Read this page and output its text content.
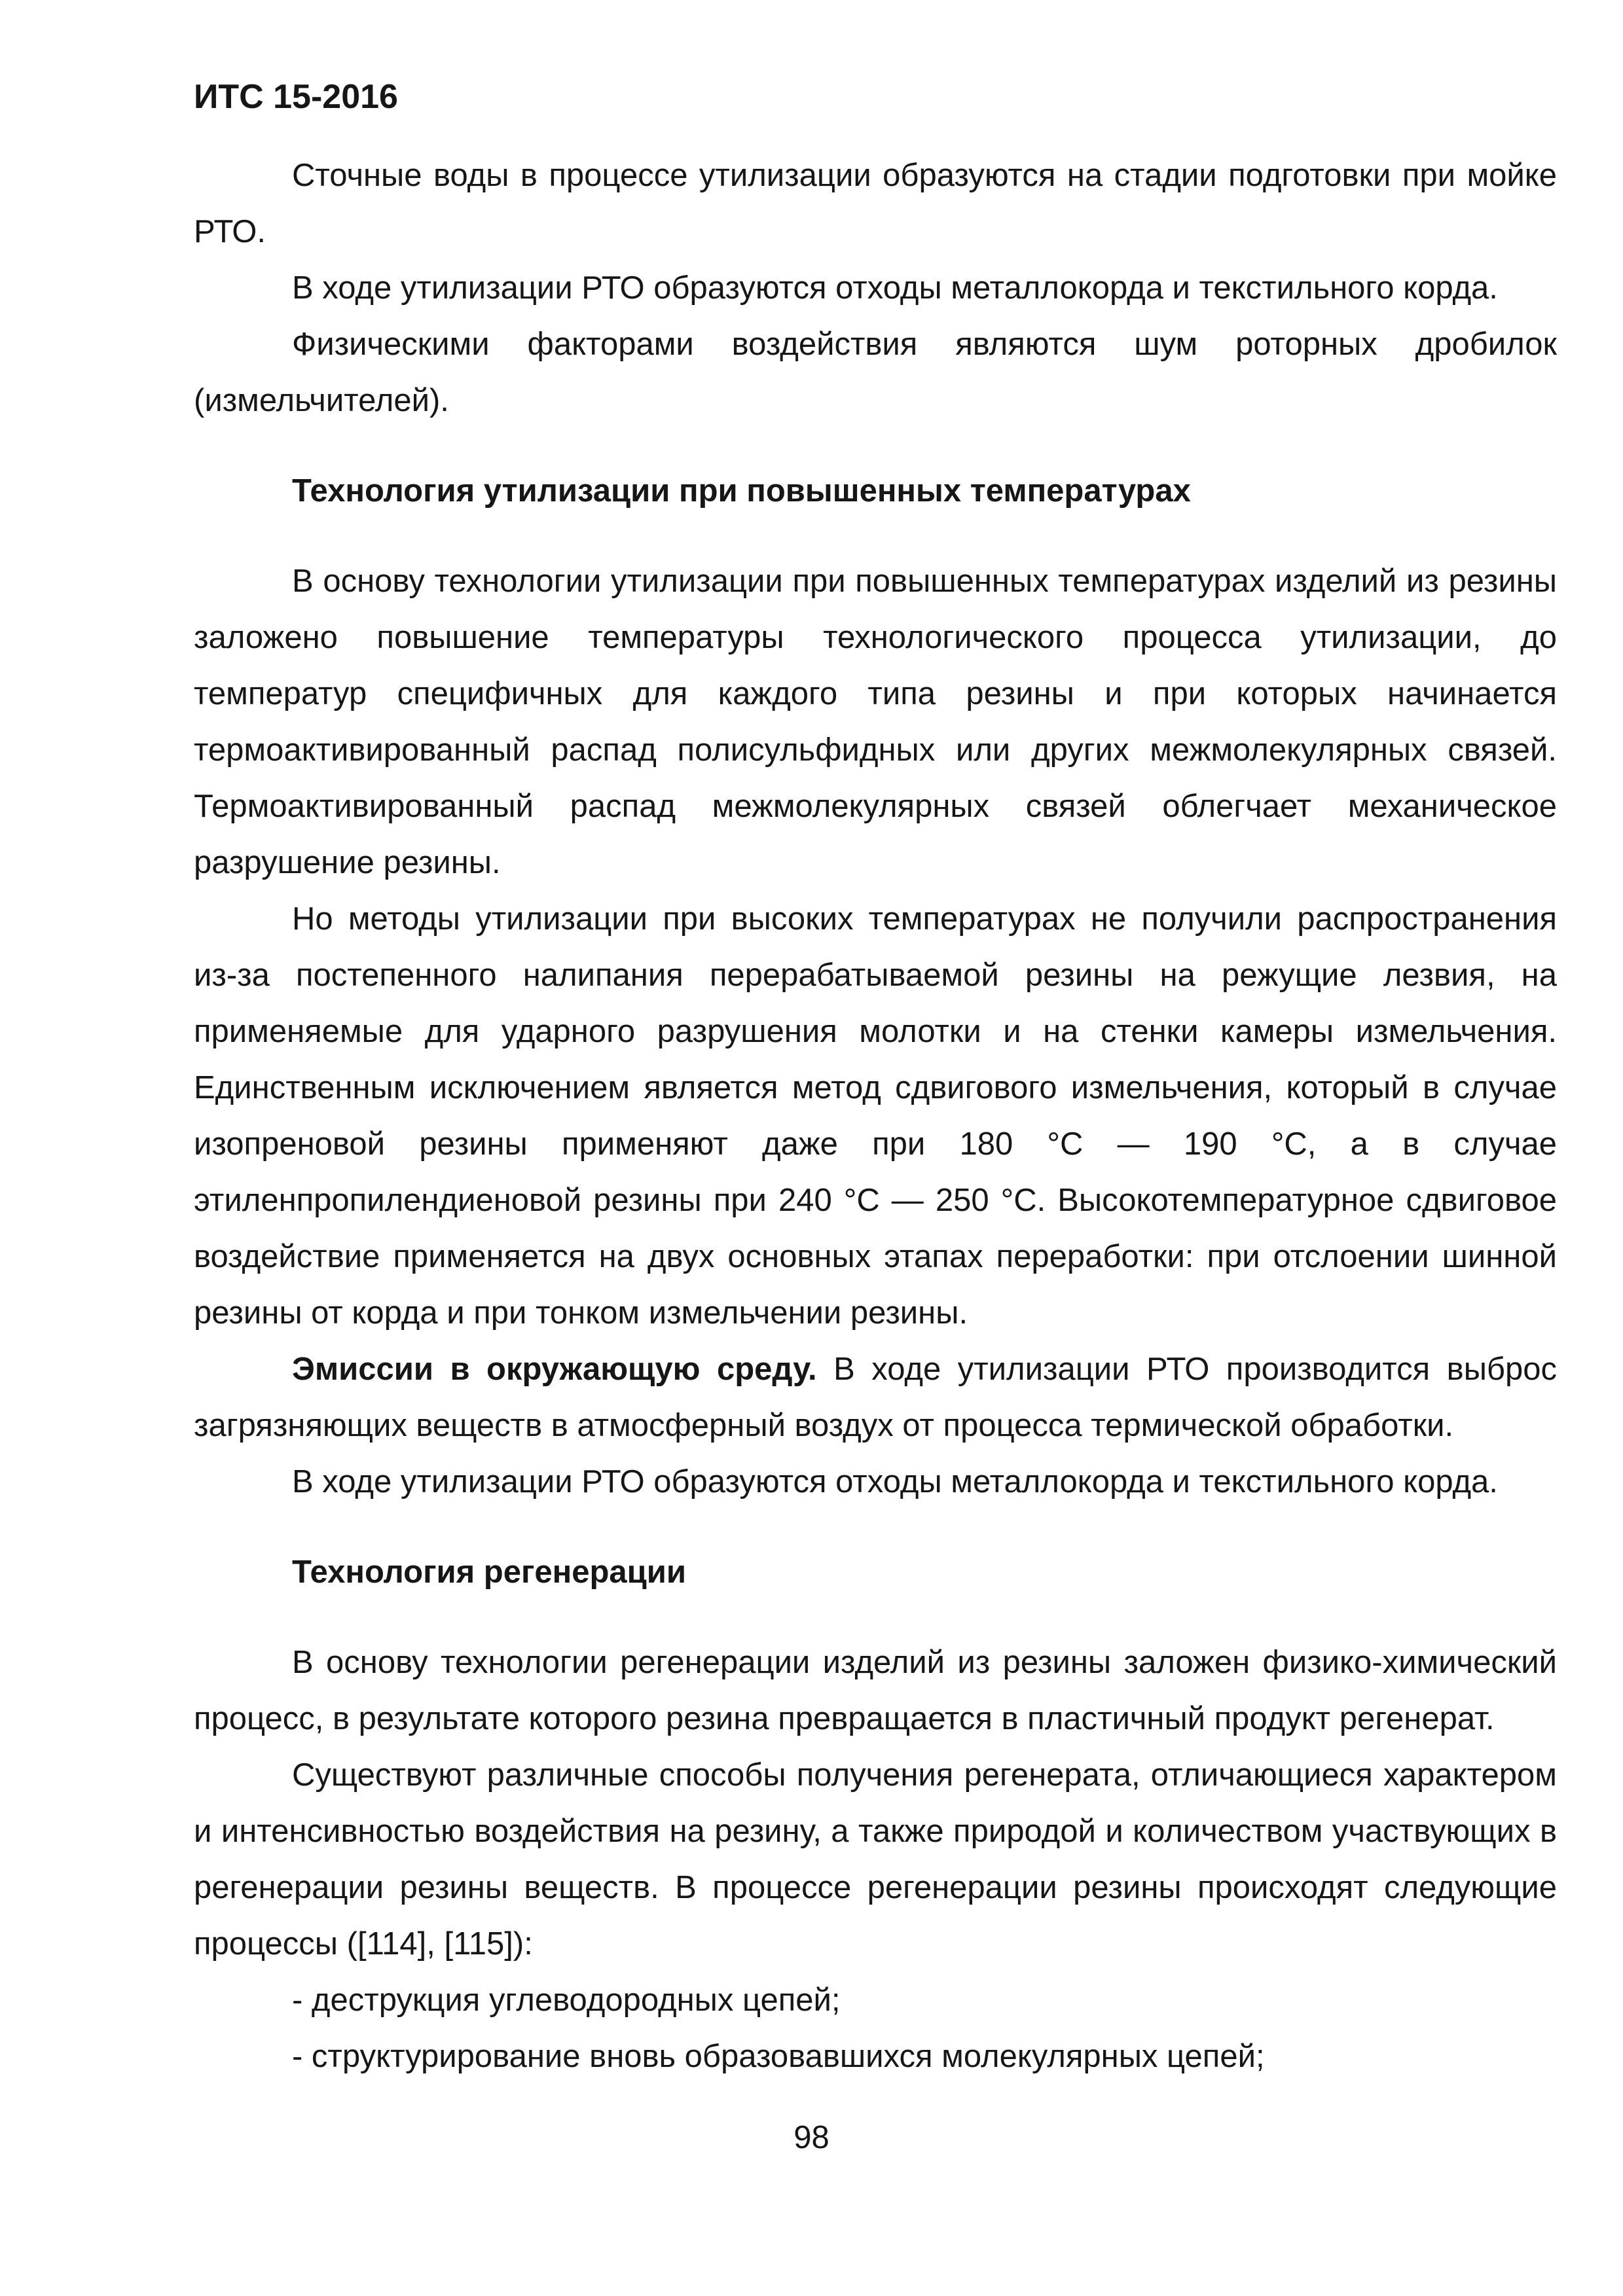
ИТС 15-2016

Сточные воды в процессе утилизации образуются на стадии подготовки при мойке РТО.

В ходе утилизации РТО образуются отходы металлокорда и текстильного корда.

Физическими факторами воздействия являются шум роторных дробилок (измельчителей).

Технология утилизации при повышенных температурах

В основу технологии утилизации при повышенных температурах изделий из резины заложено повышение температуры технологического процесса утилизации, до температур специфичных для каждого типа резины и при которых начинается термоактивированный распад полисульфидных или других межмолекулярных связей. Термоактивированный распад межмолекулярных связей облегчает механическое разрушение резины.

Но методы утилизации при высоких температурах не получили распространения из-за постепенного налипания перерабатываемой резины на режущие лезвия, на применяемые для ударного разрушения молотки и на стенки камеры измельчения. Единственным исключением является метод сдвигового измельчения, который в случае изопреновой резины применяют даже при 180 °С — 190 °С, а в случае этиленпропилендиеновой резины при 240 °С — 250 °С. Высокотемпературное сдвиговое воздействие применяется на двух основных этапах переработки: при отслоении шинной резины от корда и при тонком измельчении резины.

Эмиссии в окружающую среду. В ходе утилизации РТО производится выброс загрязняющих веществ в атмосферный воздух от процесса термической обработки.

В ходе утилизации РТО образуются отходы металлокорда и текстильного корда.

Технология регенерации

В основу технологии регенерации изделий из резины заложен физико-химический процесс, в результате которого резина превращается в пластичный продукт регенерат.

Существуют различные способы получения регенерата, отличающиеся характером и интенсивностью воздействия на резину, а также природой и количеством участвующих в регенерации резины веществ. В процессе регенерации резины происходят следующие процессы ([114], [115]):

- деструкция углеводородных цепей;

- структурирование вновь образовавшихся молекулярных цепей;

98
